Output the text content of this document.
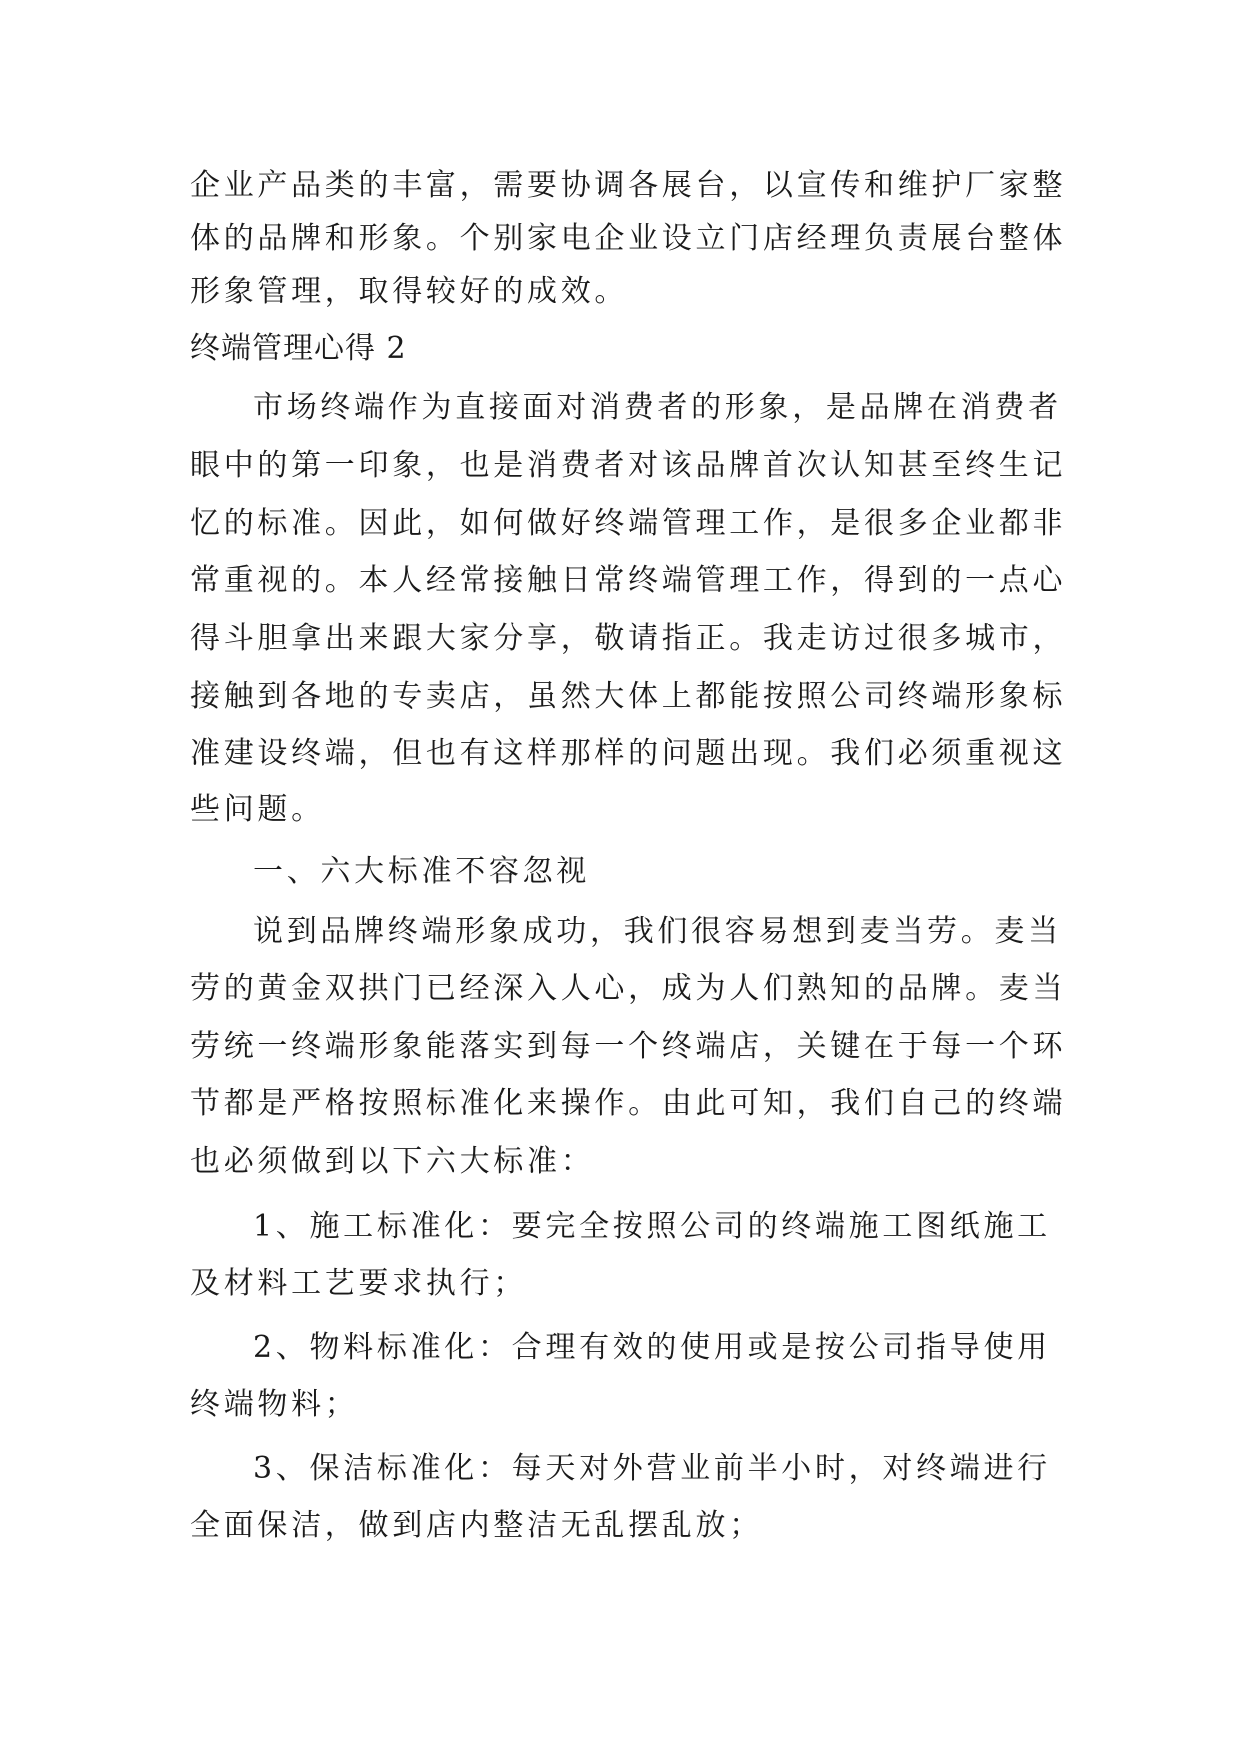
企业产品类的丰富，需要协调各展台，以宣传和维护厂家整
体的品牌和形象。个别家电企业设立门店经理负责展台整体
形象管理，取得较好的成效。
终端管理心得 2
市场终端作为直接面对消费者的形象，是品牌在消费者
眼中的第一印象，也是消费者对该品牌首次认知甚至终生记
忆的标准。因此，如何做好终端管理工作，是很多企业都非
常重视的。本人经常接触日常终端管理工作，得到的一点心
得斗胆拿出来跟大家分享，敬请指正。我走访过很多城市，
接触到各地的专卖店，虽然大体上都能按照公司终端形象标
准建设终端，但也有这样那样的问题出现。我们必须重视这
些问题。
一、六大标准不容忽视
说到品牌终端形象成功，我们很容易想到麦当劳。麦当
劳的黄金双拱门已经深入人心，成为人们熟知的品牌。麦当
劳统一终端形象能落实到每一个终端店，关键在于每一个环
节都是严格按照标准化来操作。由此可知，我们自己的终端
也必须做到以下六大标准：
1、施工标准化：要完全按照公司的终端施工图纸施工
及材料工艺要求执行；
2、物料标准化：合理有效的使用或是按公司指导使用
终端物料；
3、保洁标准化：每天对外营业前半小时，对终端进行
全面保洁，做到店内整洁无乱摆乱放；
